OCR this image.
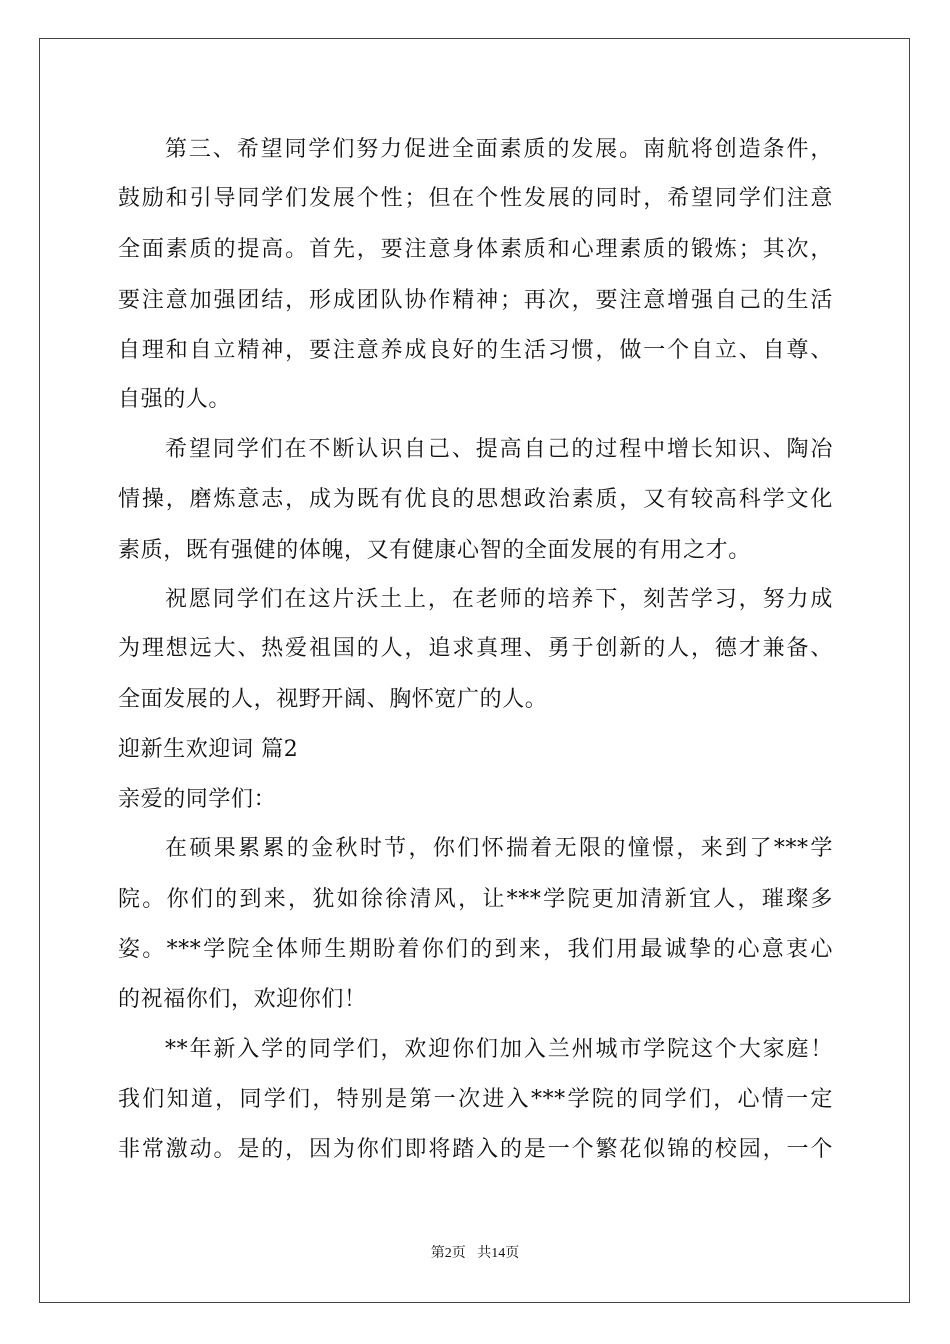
第三、希望同学们努力促进全面素质的发展。南航将创造条件，
鼓励和引导同学们发展个性；但在个性发展的同时，希望同学们注意
全面素质的提高。首先，要注意身体素质和心理素质的锻炼；其次，
要注意加强团结，形成团队协作精神；再次，要注意增强自己的生活
自理和自立精神，要注意养成良好的生活习惯，做一个自立、自尊、
自强的人。
希望同学们在不断认识自己、提高自己的过程中增长知识、陶冶
情操，磨炼意志，成为既有优良的思想政治素质，又有较高科学文化
素质，既有强健的体魄，又有健康心智的全面发展的有用之才。
祝愿同学们在这片沃土上，在老师的培养下，刻苦学习，努力成
为理想远大、热爱祖国的人，追求真理、勇于创新的人，德才兼备、
全面发展的人，视野开阔、胸怀宽广的人。
迎新生欢迎词 篇2
亲爱的同学们：
在硕果累累的金秋时节，你们怀揣着无限的憧憬，来到了***学
院。你们的到来，犹如徐徐清风，让***学院更加清新宜人，璀璨多
姿。***学院全体师生期盼着你们的到来，我们用最诚挚的心意衷心
的祝福你们，欢迎你们！
**年新入学的同学们，欢迎你们加入兰州城市学院这个大家庭！
我们知道，同学们，特别是第一次进入***学院的同学们，心情一定
非常激动。是的，因为你们即将踏入的是一个繁花似锦的校园，一个
第2页 共14页
